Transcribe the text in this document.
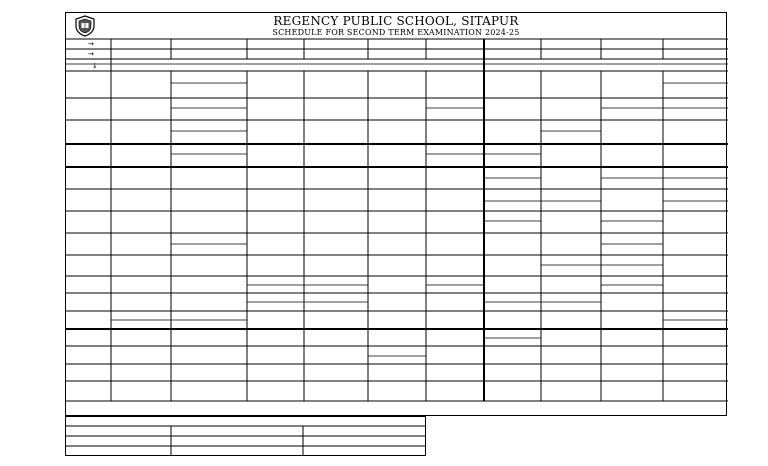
REGENCY PUBLIC SCHOOL, SITAPUR
SCHEDULE FOR SECOND TERM EXAMINATION 2024-25
→
→
↓
